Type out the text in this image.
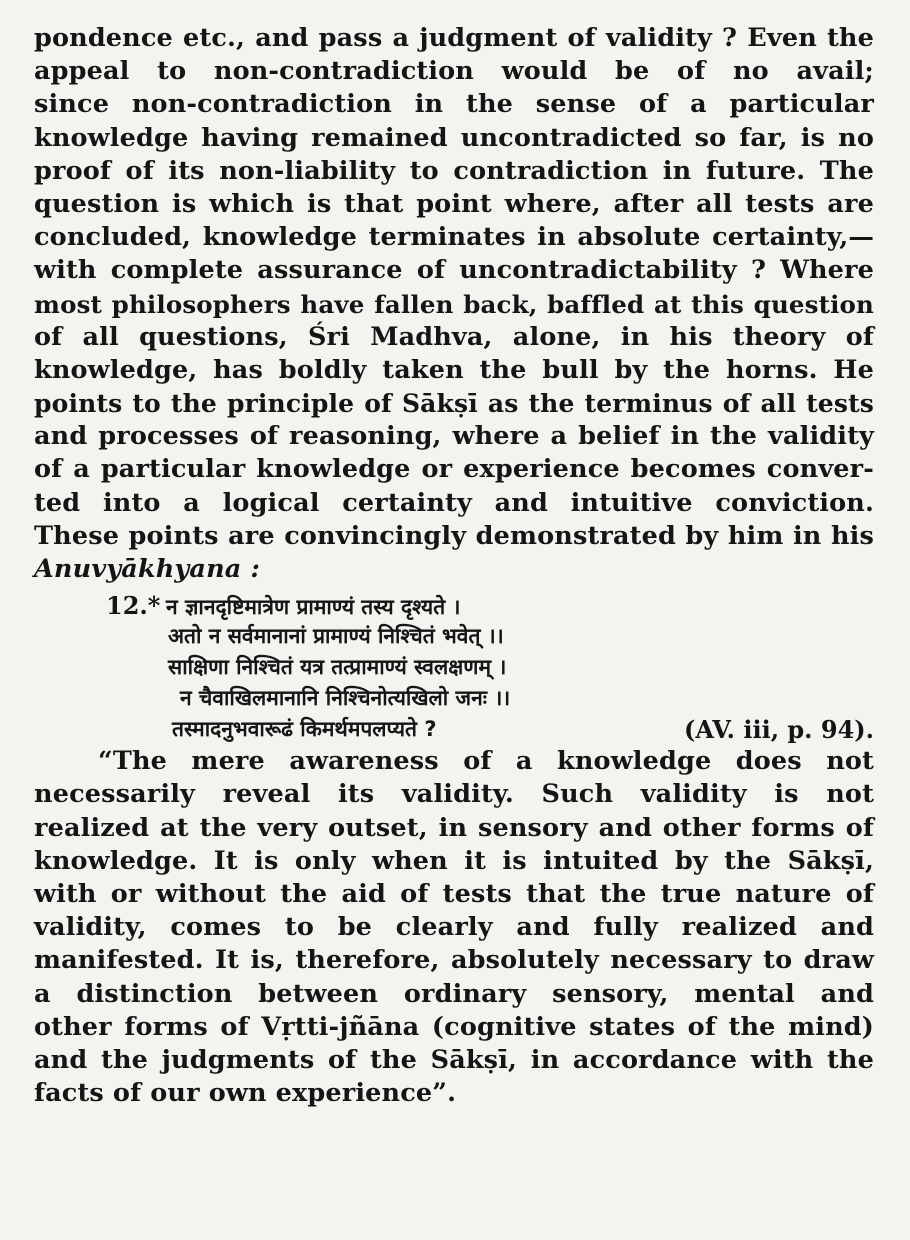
pondence etc., and pass a judgment of validity ? Even the
appeal to non-contradiction would be of no avail;
since non-contradiction in the sense of a particular
knowledge having remained uncontradicted so far, is no
proof of its non-liability to contradiction in future. The
question is which is that point where, after all tests are
concluded, knowledge terminates in absolute certainty,—
with complete assurance of uncontradictability ? Where
most philosophers have fallen back, baffled at this question
of all questions, Śri Madhva, alone, in his theory of
knowledge, has boldly taken the bull by the horns. He
points to the principle of Sākṣī as the terminus of all tests
and processes of reasoning, where a belief in the validity
of a particular knowledge or experience becomes conver-
ted into a logical certainty and intuitive conviction.
These points are convincingly demonstrated by him in his
Anuvyākhyana :
12.* न ज्ञानदृष्टिमात्रेण प्रामाण्यं तस्य दृश्यते ।
अतो न सर्वमानानां प्रामाण्यं निश्चितं भवेत् ।।
साक्षिणा निश्चितं यत्र तत्प्रामाण्यं स्वलक्षणम् ।
न चैवाखिलमानानि निश्चिनोत्यखिलो जनः ।।
तस्मादनुभवारूढं किमर्थमपलप्यते ?	(AV. iii, p. 94).
“The mere awareness of a knowledge does not
necessarily reveal its validity. Such validity is not
realized at the very outset, in sensory and other forms of
knowledge. It is only when it is intuited by the Sākṣī,
with or without the aid of tests that the true nature of
validity, comes to be clearly and fully realized and
manifested. It is, therefore, absolutely necessary to draw
a distinction between ordinary sensory, mental and
other forms of Vṛtti-jñāna (cognitive states of the mind)
and the judgments of the Sākṣī, in accordance with the
facts of our own experience”.
